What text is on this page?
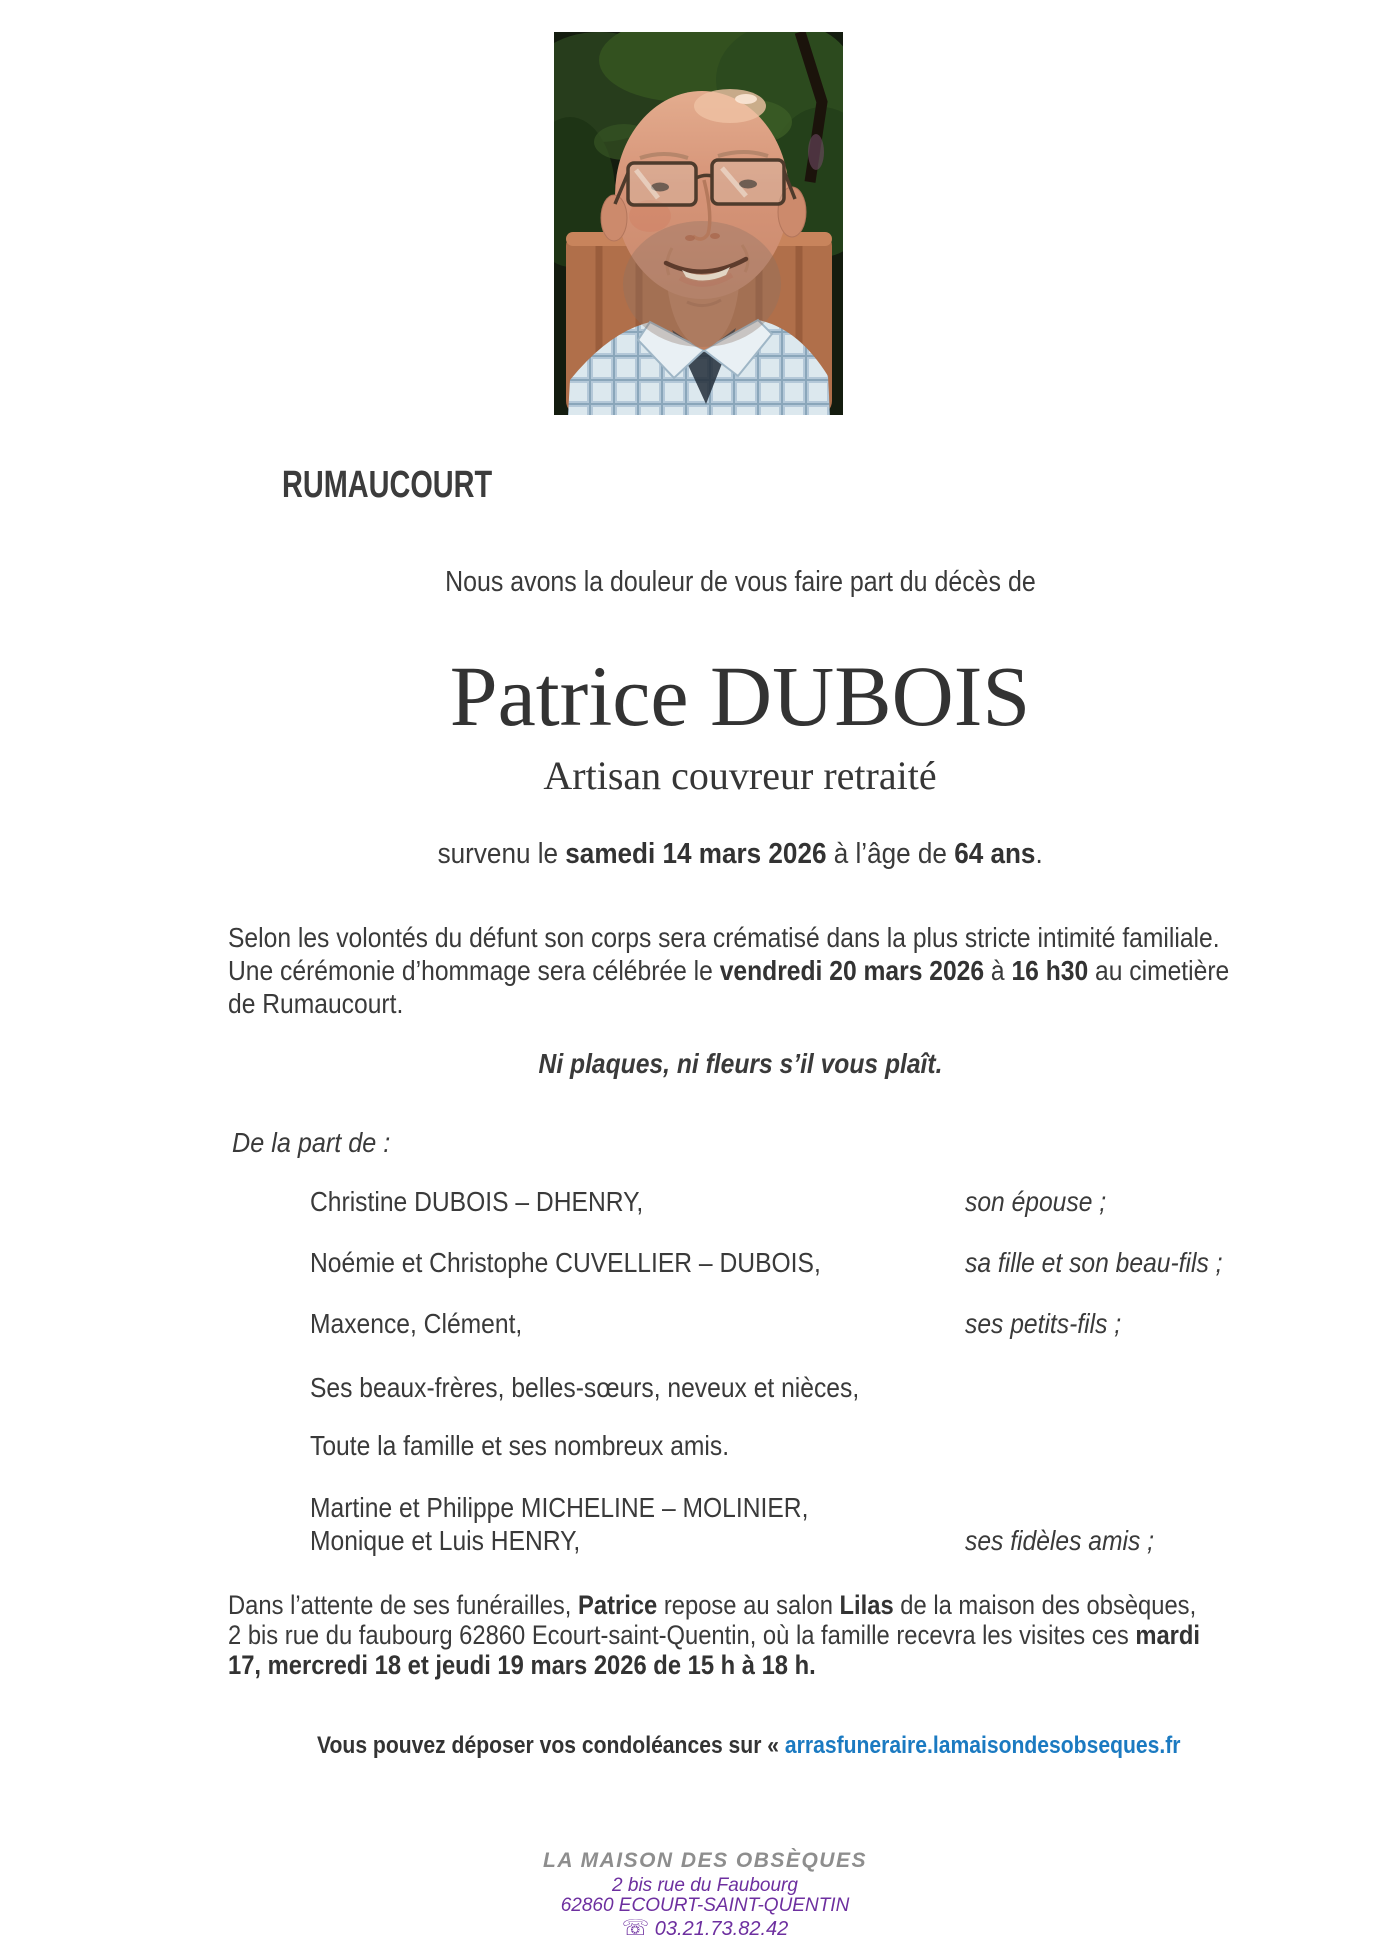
RUMAUCOURT
Nous avons la douleur de vous faire part du décès de
Patrice DUBOIS
Artisan couvreur retraité
survenu le samedi 14 mars 2026 à l’âge de 64 ans.
Selon les volontés du défunt son corps sera crématisé dans la plus stricte intimité familiale.
Une cérémonie d’hommage sera célébrée le vendredi 20 mars 2026 à 16 h30 au cimetière
de Rumaucourt.
Ni plaques, ni fleurs s’il vous plaît.
De la part de :
Christine DUBOIS – DHENRY,	son épouse ;
Noémie et Christophe CUVELLIER – DUBOIS,	sa fille et son beau-fils ;
Maxence, Clément,	ses petits-fils ;
Ses beaux-frères, belles-sœurs, neveux et nièces,
Toute la famille et ses nombreux amis.
Martine et Philippe MICHELINE – MOLINIER,
Monique et Luis HENRY,	ses fidèles amis ;
Dans l’attente de ses funérailles, Patrice repose au salon Lilas de la maison des obsèques,
2 bis rue du faubourg 62860 Ecourt-saint-Quentin, où la famille recevra les visites ces mardi
17, mercredi 18 et jeudi 19 mars 2026 de 15 h à 18 h.
Vous pouvez déposer vos condoléances sur « arrasfuneraire.lamaisondesobseques.fr
LA MAISON DES OBSÈQUES
2 bis rue du Faubourg
62860 ECOURT-SAINT-QUENTIN
☏ 03.21.73.82.42
